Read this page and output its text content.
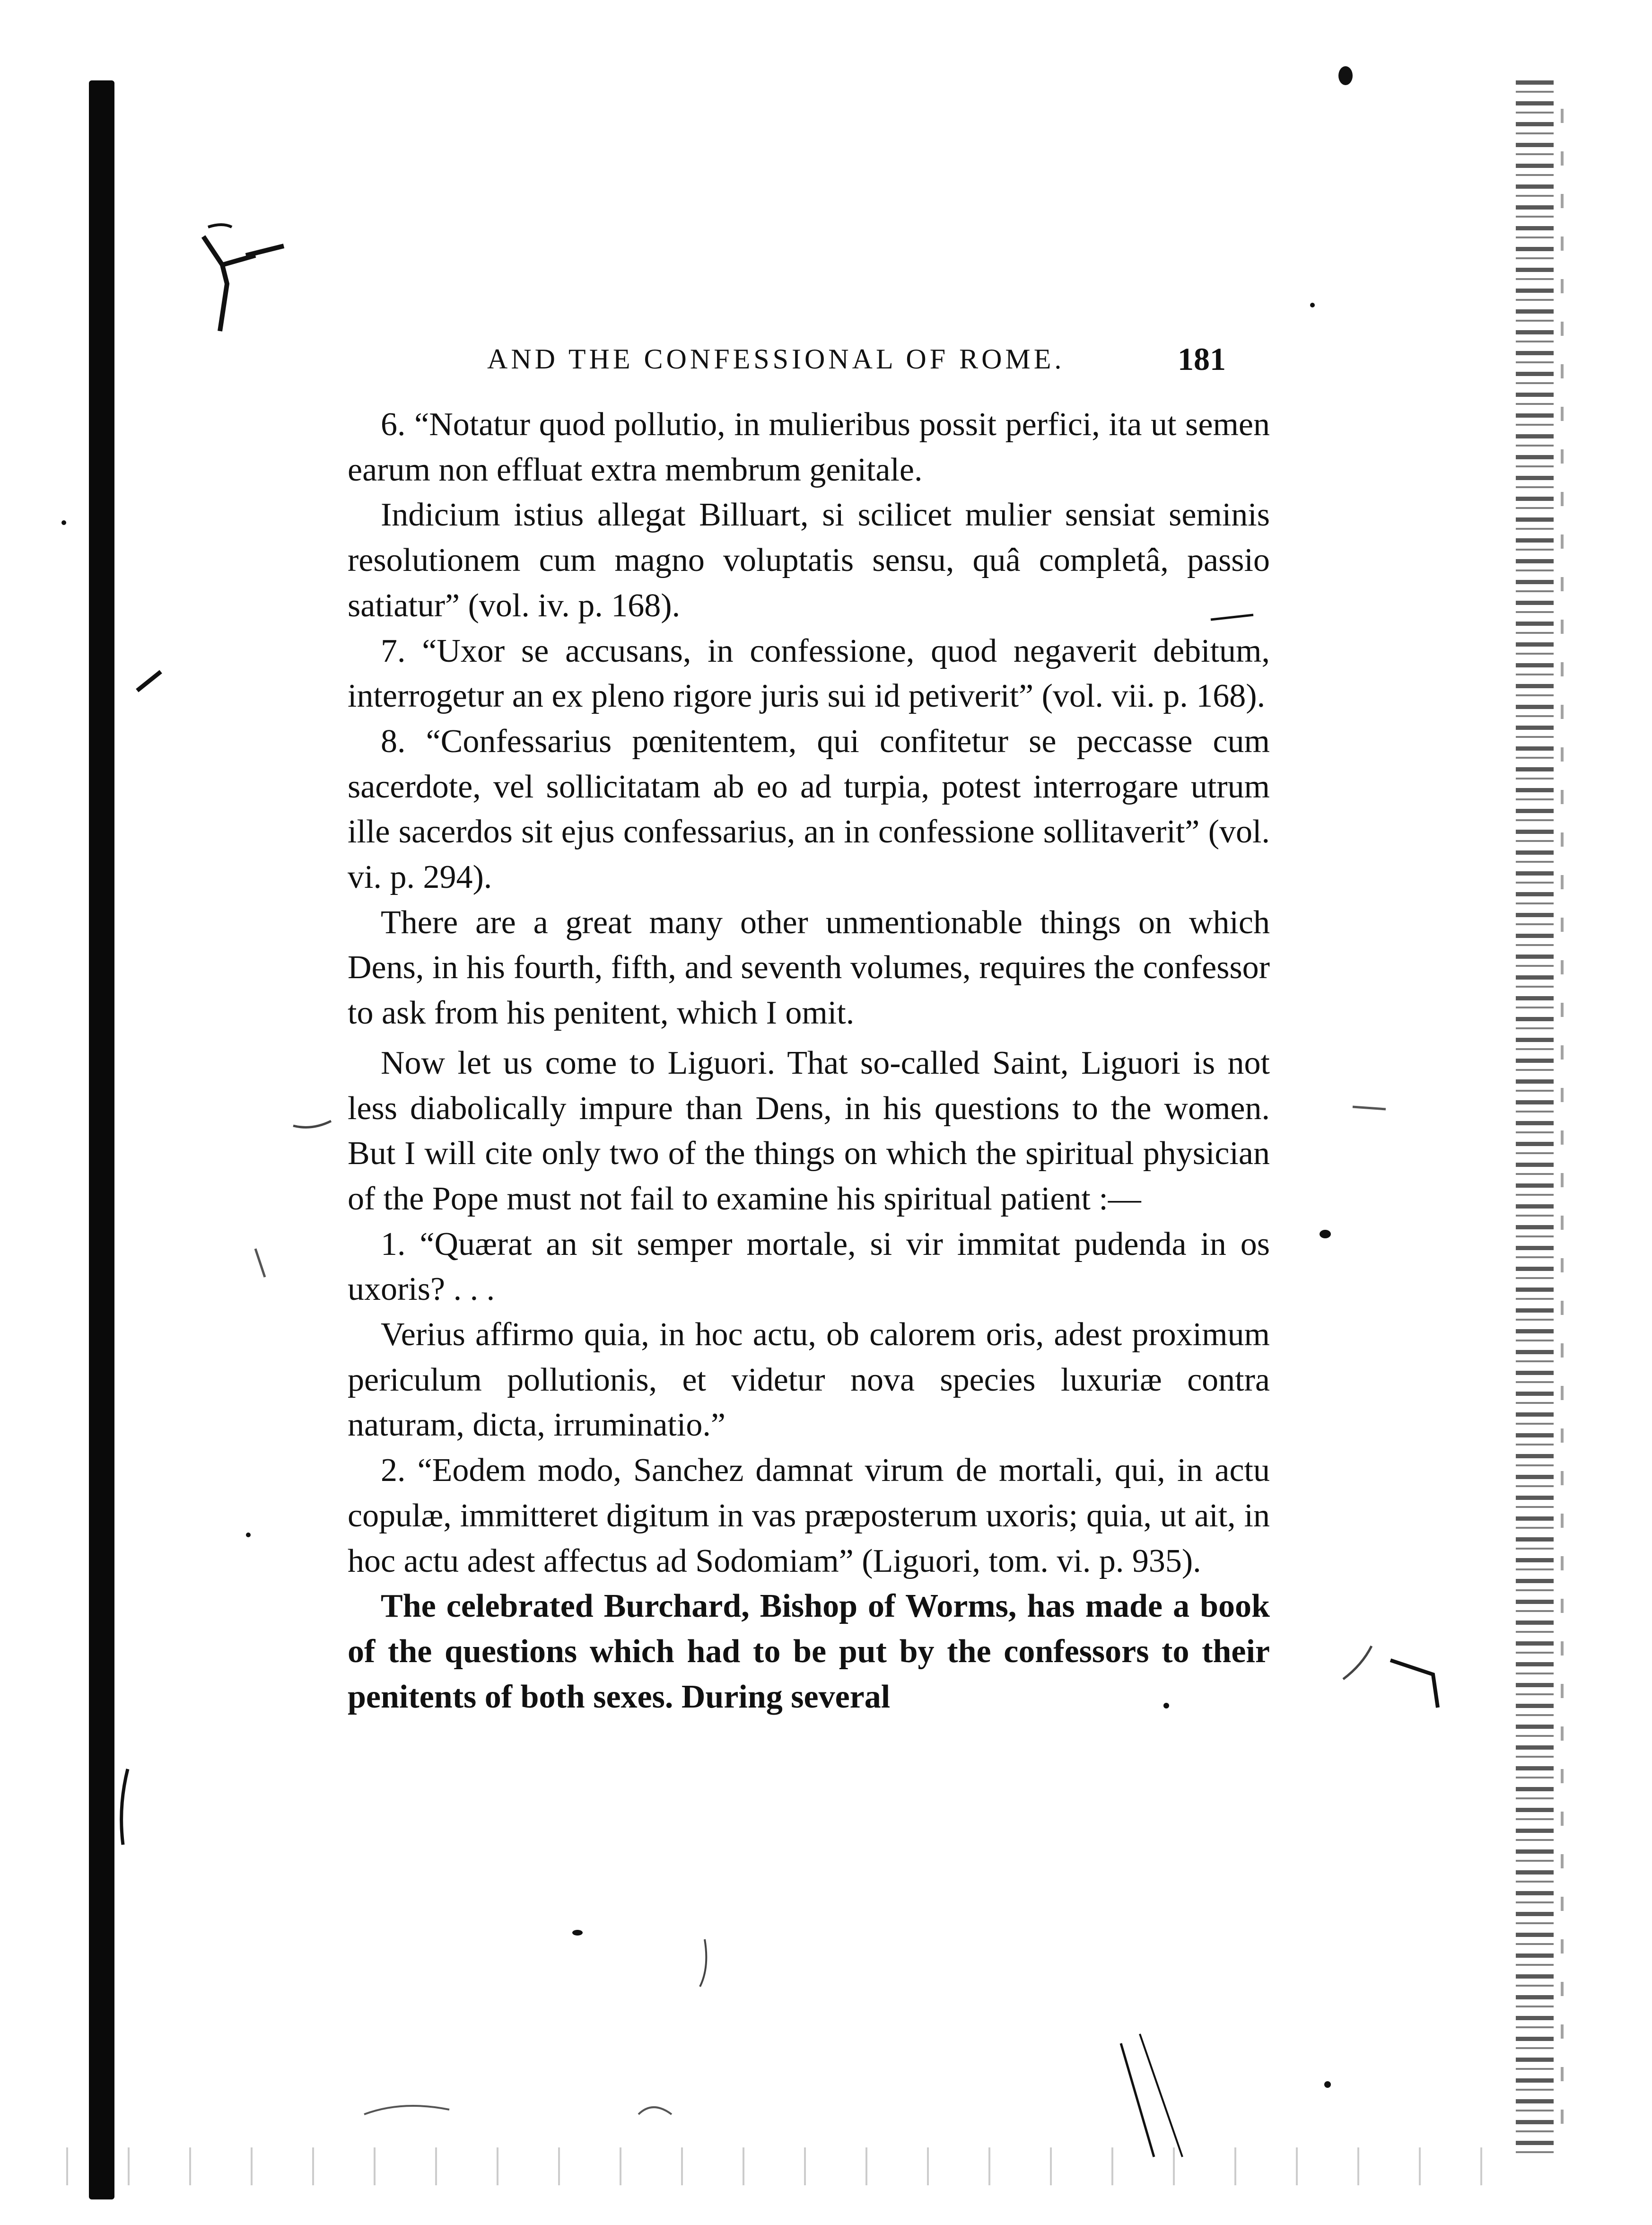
AND THE CONFESSIONAL OF ROME.	181

6. “Notatur quod pollutio, in mulieribus possit perfici, ita ut semen earum non effluat extra membrum genitale.

Indicium istius allegat Billuart, si scilicet mulier sensiat seminis resolutionem cum magno voluptatis sensu, quâ completâ, passio satiatur” (vol. iv. p. 168).

7. “Uxor se accusans, in confessione, quod negaverit debitum, interrogetur an ex pleno rigore juris sui id petiverit” (vol. vii. p. 168).

8. “Confessarius pœnitentem, qui confitetur se peccasse cum sacerdote, vel sollicitatam ab eo ad turpia, potest interrogare utrum ille sacerdos sit ejus confessarius, an in confessione sollitaverit” (vol. vi. p. 294).

There are a great many other unmentionable things on which Dens, in his fourth, fifth, and seventh volumes, requires the confessor to ask from his penitent, which I omit.

Now let us come to Liguori. That so-called Saint, Liguori is not less diabolically impure than Dens, in his questions to the women. But I will cite only two of the things on which the spiritual physician of the Pope must not fail to examine his spiritual patient :—

1. “Quærat an sit semper mortale, si vir immitat pudenda in os uxoris? . . .

Verius affirmo quia, in hoc actu, ob calorem oris, adest proximum periculum pollutionis, et videtur nova species luxuriæ contra naturam, dicta, irruminatio.”

2. “Eodem modo, Sanchez damnat virum de mortali, qui, in actu copulæ, immitteret digitum in vas præposterum uxoris; quia, ut ait, in hoc actu adest affectus ad Sodomiam” (Liguori, tom. vi. p. 935).

The celebrated Burchard, Bishop of Worms, has made a book of the questions which had to be put by the confessors to their penitents of both sexes. During several
